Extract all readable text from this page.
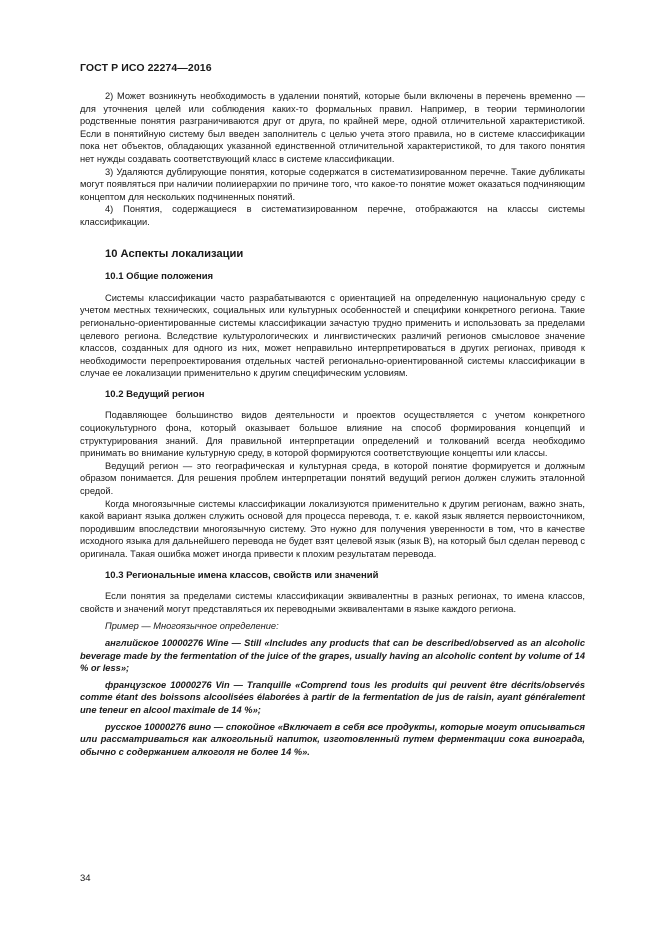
ГОСТ Р ИСО 22274—2016

2) Может возникнуть необходимость в удалении понятий, которые были включены в перечень временно — для уточнения целей или соблюдения каких-то формальных правил. Например, в теории терминологии родственные понятия разграничиваются друг от друга, по крайней мере, одной отличительной характеристикой. Если в понятийную систему был введен заполнитель с целью учета этого правила, но в системе классификации пока нет объектов, обладающих указанной единственной отличительной характеристикой, то для такого понятия нет нужды создавать соответствующий класс в системе классификации.

3) Удаляются дублирующие понятия, которые содержатся в систематизированном перечне. Такие дубликаты могут появляться при наличии полииерархии по причине того, что какое-то понятие может оказаться подчиняющим концептом для нескольких подчиненных понятий.

4) Понятия, содержащиеся в систематизированном перечне, отображаются на классы системы классификации.

10 Аспекты локализации
10.1 Общие положения

Системы классификации часто разрабатываются с ориентацией на определенную национальную среду с учетом местных технических, социальных или культурных особенностей и специфики конкретного региона. Такие регионально-ориентированные системы классификации зачастую трудно применить и использовать за пределами целевого региона. Вследствие культурологических и лингвистических различий регионов смысловое значение классов, созданных для одного из них, может неправильно интерпретироваться в других регионах, приводя к необходимости перепроектирования отдельных частей регионально-ориентированной системы классификации в случае ее локализации применительно к другим специфическим условиям.

10.2 Ведущий регион

Подавляющее большинство видов деятельности и проектов осуществляется с учетом конкретного социокультурного фона, который оказывает большое влияние на способ формирования концепций и структурирования знаний. Для правильной интерпретации определений и толкований всегда необходимо принимать во внимание культурную среду, в которой формируются соответствующие концепты или классы.

Ведущий регион — это географическая и культурная среда, в которой понятие формируется и должным образом понимается. Для решения проблем интерпретации понятий ведущий регион должен служить эталонной средой.

Когда многоязычные системы классификации локализуются применительно к другим регионам, важно знать, какой вариант языка должен служить основой для процесса перевода, т. е. какой язык является первоисточником, породившим впоследствии многоязычную систему. Это нужно для получения уверенности в том, что в качестве исходного языка для дальнейшего перевода не будет взят целевой язык (язык В), на который был сделан перевод с оригинала. Такая ошибка может иногда привести к плохим результатам перевода.

10.3 Региональные имена классов, свойств или значений

Если понятия за пределами системы классификации эквивалентны в разных регионах, то имена классов, свойств и значений могут представляться их переводными эквивалентами в языке каждого региона.

Пример — Многоязычное определение:

английское 10000276 Wine — Still «Includes any products that can be described/observed as an alcoholic beverage made by the fermentation of the juice of the grapes, usually having an alcoholic content by volume of 14 % or less»;

французское 10000276 Vin — Tranquille «Comprend tous les produits qui peuvent être décrits/observés comme étant des boissons alcoolisées élaborées à partir de la fermentation de jus de raisin, ayant généralement une teneur en alcool maximale de 14 %»;

русское 10000276 вино — спокойное «Включает в себя все продукты, которые могут описываться или рассматриваться как алкогольный напиток, изготовленный путем ферментации сока винограда, обычно с содержанием алкоголя не более 14 %».

34
